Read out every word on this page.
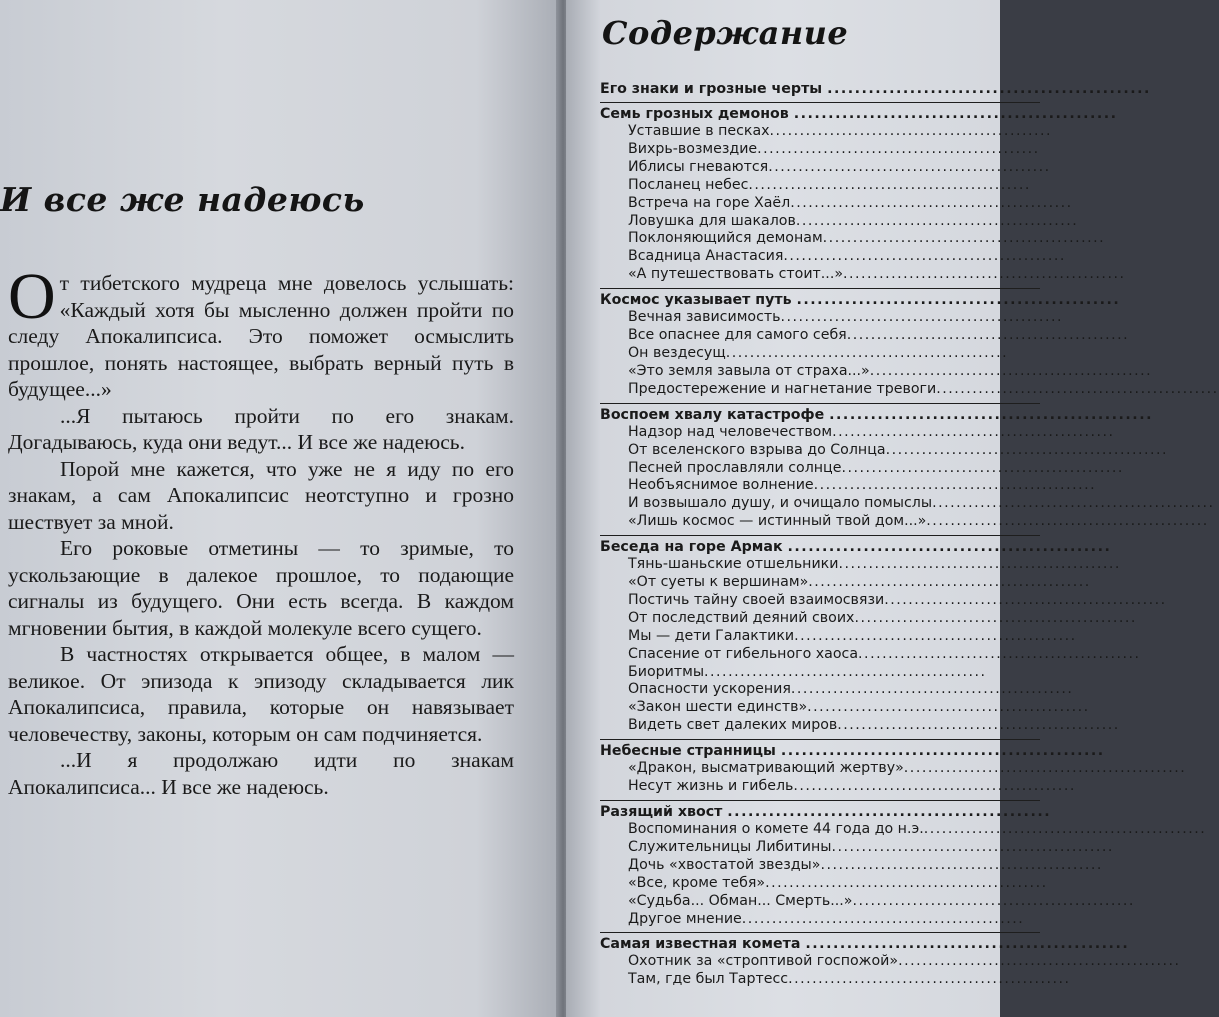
И все же надеюсь

От тибетского мудреца мне довелось услышать: «Каждый хотя бы мысленно должен пройти по следу Апокалипсиса. Это поможет осмыслить прошлое, понять настоящее, выбрать верный путь в будущее...»

...Я пытаюсь пройти по его знакам. Догадываюсь, куда они ведут... И все же надеюсь.

Порой мне кажется, что уже не я иду по его знакам, а сам Апокалипсис неотступно и грозно шествует за мной.

Его роковые отметины — то зримые, то ускользающие в далекое прошлое, то подающие сигналы из будущего. Они есть всегда. В каждом мгновении бытия, в каждой молекуле всего сущего.

В частностях открывается общее, в малом — великое. От эпизода к эпизоду складывается лик Апокалипсиса, правила, которые он навязывает человечеству, законы, которым он сам подчиняется.

...И я продолжаю идти по знакам Апокалипсиса... И все же надеюсь.

Содержание
Его знаки и грозные черты ...............................................
Семь грозных демонов ...............................................
Уставшие в песках...............................................
Вихрь-возмездие...............................................
Иблисы гневаются...............................................
Посланец небес...............................................
Встреча на горе Хаёл...............................................
Ловушка для шакалов...............................................
Поклоняющийся демонам...............................................
Всадница Анастасия...............................................
«А путешествовать стоит...»...............................................
Космос указывает путь ...............................................
Вечная зависимость...............................................
Все опаснее для самого себя...............................................
Он вездесущ...............................................
«Это земля завыла от страха...»...............................................
Предостережение и нагнетание тревоги...............................................
Воспоем хвалу катастрофе ...............................................
Надзор над человечеством...............................................
От вселенского взрыва до Солнца...............................................
Песней прославляли солнце...............................................
Необъяснимое волнение...............................................
И возвышало душу, и очищало помыслы...............................................
«Лишь космос — истинный твой дом...»...............................................
Беседа на горе Армак ...............................................
Тянь-шаньские отшельники...............................................
«От суеты к вершинам»...............................................
Постичь тайну своей взаимосвязи...............................................
От последствий деяний своих...............................................
Мы — дети Галактики...............................................
Спасение от гибельного хаоса...............................................
Биоритмы...............................................
Опасности ускорения...............................................
«Закон шести единств»...............................................
Видеть свет далеких миров...............................................
Небесные странницы ...............................................
«Дракон, высматривающий жертву»...............................................
Несут жизнь и гибель...............................................
Разящий хвост ...............................................
Воспоминания о комете 44 года до н.э................................................
Служительницы Либитины...............................................
Дочь «хвостатой звезды»...............................................
«Все, кроме тебя»...............................................
«Судьба... Обман... Смерть...»...............................................
Другое мнение...............................................
Самая известная комета ...............................................
Охотник за «строптивой госпожой»...............................................
Там, где был Тартесс...............................................
